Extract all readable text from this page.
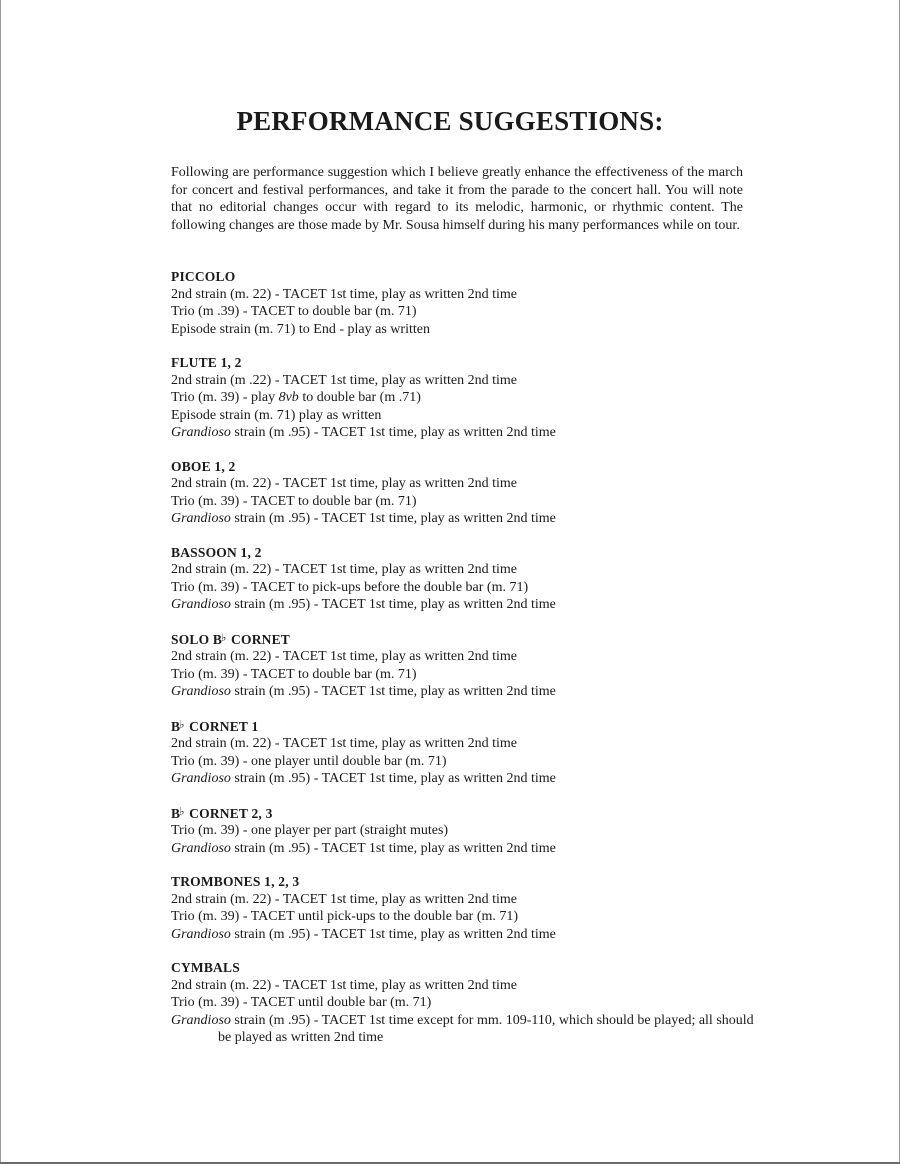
PERFORMANCE SUGGESTIONS:

Following are performance suggestion which I believe greatly enhance the effectiveness of the march for concert and festival performances, and take it from the parade to the concert hall. You will note that no editorial changes occur with regard to its melodic, harmonic, or rhythmic content. The following changes are those made by Mr. Sousa himself during his many performances while on tour.

PICCOLO

2nd strain (m. 22) - TACET 1st time, play as written 2nd time

Trio (m .39) - TACET to double bar (m. 71)

Episode strain (m. 71) to End - play as written

FLUTE 1, 2

2nd strain (m .22) - TACET 1st time, play as written 2nd time

Trio (m. 39) - play 8vb to double bar (m .71)

Episode strain (m. 71) play as written

Grandioso strain (m .95) - TACET 1st time, play as written 2nd time

OBOE 1, 2

2nd strain (m. 22) - TACET 1st time, play as written 2nd time

Trio (m. 39) - TACET to double bar (m. 71)

Grandioso strain (m .95) - TACET 1st time, play as written 2nd time

BASSOON 1, 2

2nd strain (m. 22) - TACET 1st time, play as written 2nd time

Trio (m. 39) - TACET to pick-ups before the double bar (m. 71)

Grandioso strain (m .95) - TACET 1st time, play as written 2nd time

SOLO B♭ CORNET

2nd strain (m. 22) - TACET 1st time, play as written 2nd time

Trio (m. 39) - TACET to double bar (m. 71)

Grandioso strain (m .95) - TACET 1st time, play as written 2nd time

B♭ CORNET 1

2nd strain (m. 22) - TACET 1st time, play as written 2nd time

Trio (m. 39) - one player until double bar (m. 71)

Grandioso strain (m .95) - TACET 1st time, play as written 2nd time

B♭ CORNET 2, 3

Trio (m. 39) - one player per part (straight mutes)

Grandioso strain (m .95) - TACET 1st time, play as written 2nd time

TROMBONES 1, 2, 3

2nd strain (m. 22) - TACET 1st time, play as written 2nd time

Trio (m. 39) - TACET until pick-ups to the double bar (m. 71)

Grandioso strain (m .95) - TACET 1st time, play as written 2nd time

CYMBALS

2nd strain (m. 22) - TACET 1st time, play as written 2nd time

Trio (m. 39) - TACET until double bar (m. 71)

Grandioso strain (m .95) - TACET 1st time except for mm. 109-110, which should be played; all should be played as written 2nd time
